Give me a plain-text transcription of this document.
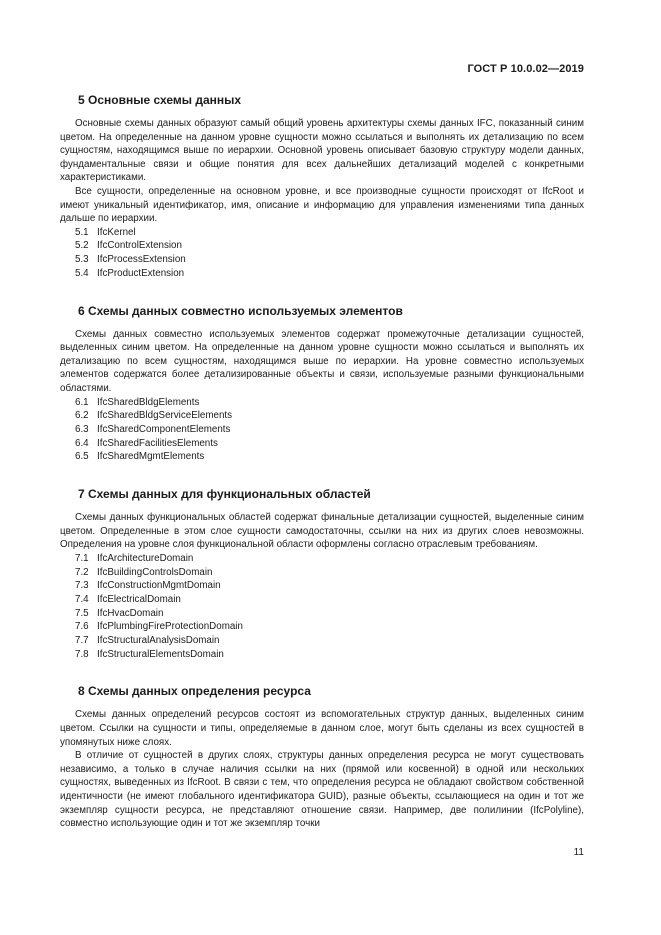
ГОСТ Р 10.0.02—2019
5 Основные схемы данных

Основные схемы данных образуют самый общий уровень архитектуры схемы данных IFC, показанный синим цветом. На определенные на данном уровне сущности можно ссылаться и выполнять их детализацию по всем сущностям, находящимся выше по иерархии. Основной уровень описывает базовую структуру модели данных, фундаментальные связи и общие понятия для всех дальнейших детализаций моделей с конкретными характеристиками.

Все сущности, определенные на основном уровне, и все производные сущности происходят от IfcRoot и имеют уникальный идентификатор, имя, описание и информацию для управления изменениями типа данных дальше по иерархии.

5.1 IfcKernel
5.2 IfcControlExtension
5.3 IfcProcessExtension
5.4 IfcProductExtension
6 Схемы данных совместно используемых элементов

Схемы данных совместно используемых элементов содержат промежуточные детализации сущностей, выделенных синим цветом. На определенные на данном уровне сущности можно ссылаться и выполнять их детализацию по всем сущностям, находящимся выше по иерархии. На уровне совместно используемых элементов содержатся более детализированные объекты и связи, используемые разными функциональными областями.

6.1 IfcSharedBldgElements
6.2 IfcSharedBldgServiceElements
6.3 IfcSharedComponentElements
6.4 IfcSharedFacilitiesElements
6.5 IfcSharedMgmtElements
7 Схемы данных для функциональных областей

Схемы данных функциональных областей содержат финальные детализации сущностей, выделенные синим цветом. Определенные в этом слое сущности самодостаточны, ссылки на них из других слоев невозможны. Определения на уровне слоя функциональной области оформлены согласно отраслевым требованиям.

7.1 IfcArchitectureDomain
7.2 IfcBuildingControlsDomain
7.3 IfcConstructionMgmtDomain
7.4 IfcElectricalDomain
7.5 IfcHvacDomain
7.6 IfcPlumbingFireProtectionDomain
7.7 IfcStructuralAnalysisDomain
7.8 IfcStructuralElementsDomain
8 Схемы данных определения ресурса

Схемы данных определений ресурсов состоят из вспомогательных структур данных, выделенных синим цветом. Ссылки на сущности и типы, определяемые в данном слое, могут быть сделаны из всех сущностей в упомянутых ниже слоях.

В отличие от сущностей в других слоях, структуры данных определения ресурса не могут существовать независимо, а только в случае наличия ссылки на них (прямой или косвенной) в одной или нескольких сущностях, выведенных из IfcRoot. В связи с тем, что определения ресурса не обладают свойством собственной идентичности (не имеют глобального идентификатора GUID), разные объекты, ссылающиеся на один и тот же экземпляр сущности ресурса, не представляют отношение связи. Например, две полилинии (IfcPolyline), совместно использующие один и тот же экземпляр точки

11
